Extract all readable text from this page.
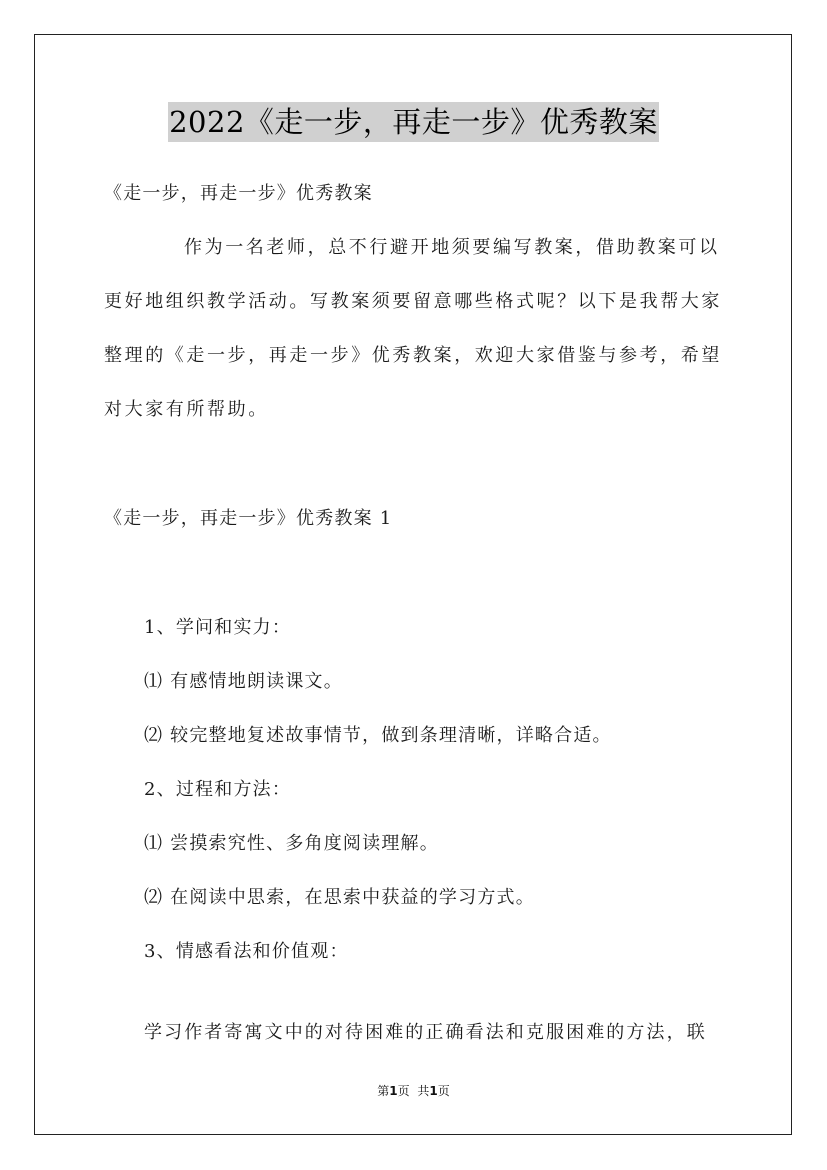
2022《走一步，再走一步》优秀教案
《走一步，再走一步》优秀教案
作为一名老师，总不行避开地须要编写教案，借助教案可以
更好地组织教学活动。写教案须要留意哪些格式呢？以下是我帮大家
整理的《走一步，再走一步》优秀教案，欢迎大家借鉴与参考，希望
对大家有所帮助。
《走一步，再走一步》优秀教案 1
1、学问和实力：
⑴ 有感情地朗读课文。
⑵ 较完整地复述故事情节，做到条理清晰，详略合适。
2、过程和方法：
⑴ 尝摸索究性、多角度阅读理解。
⑵ 在阅读中思索，在思索中获益的学习方式。
3、情感看法和价值观：
学习作者寄寓文中的对待困难的正确看法和克服困难的方法，联
第1页 共1页
